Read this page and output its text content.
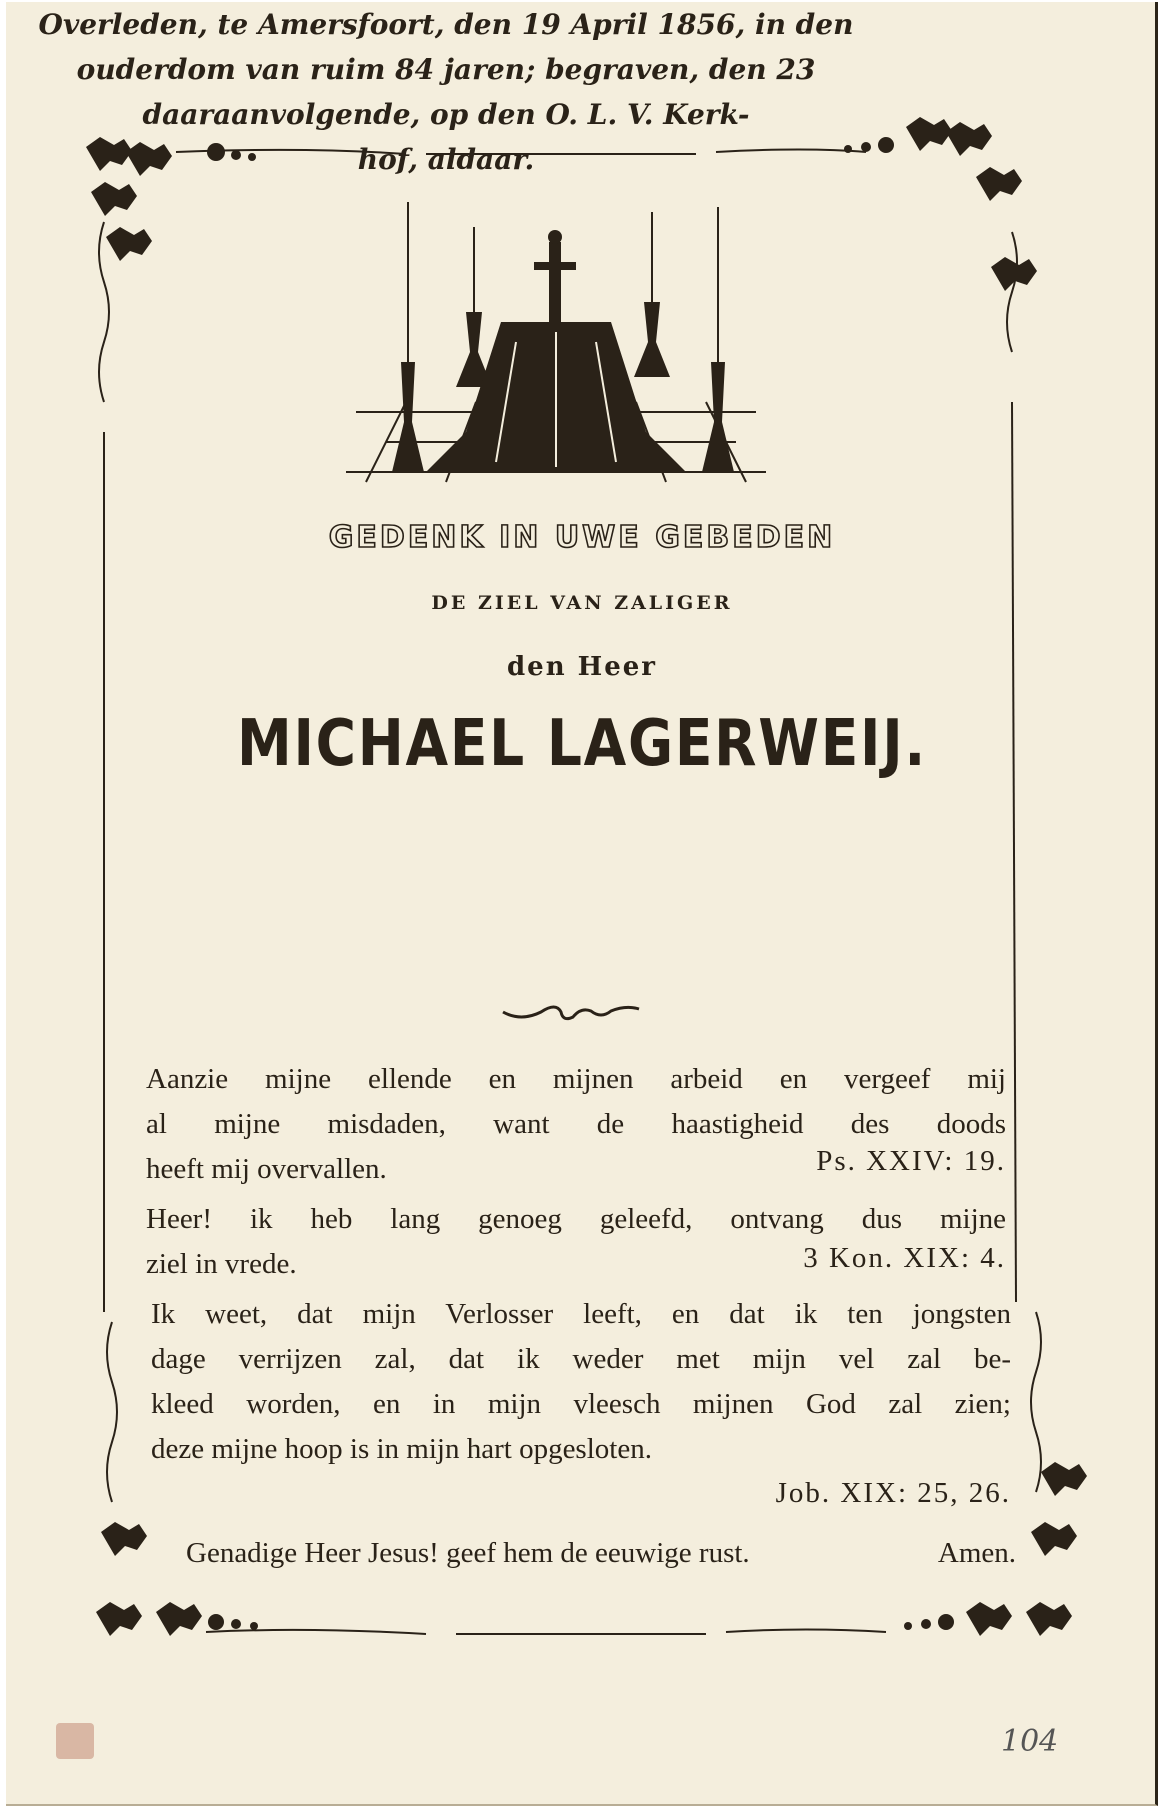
GEDENK IN UWE GEBEDEN
DE ZIEL VAN ZALIGER
den Heer
MICHAEL LAGERWEIJ.
Overleden, te Amersfoort, den 19 April 1856, in den
ouderdom van ruim 84 jaren; begraven, den 23
daaraanvolgende, op den O. L. V. Kerk-
hof, aldaar.
Aanzie mijne ellende en mijnen arbeid en vergeef mij
al mijne misdaden, want de haastigheid des doods
heeft mij overvallen.	Ps. XXIV: 19.
Heer! ik heb lang genoeg geleefd, ontvang dus mijne
ziel in vrede.	3 Kon. XIX: 4.
Ik weet, dat mijn Verlosser leeft, en dat ik ten jongsten
dage verrijzen zal, dat ik weder met mijn vel zal be-
kleed worden, en in mijn vleesch mijnen God zal zien;
deze mijne hoop is in mijn hart opgesloten.
Job. XIX: 25, 26.
Genadige Heer Jesus! geef hem de eeuwige rust.	Amen.
104
